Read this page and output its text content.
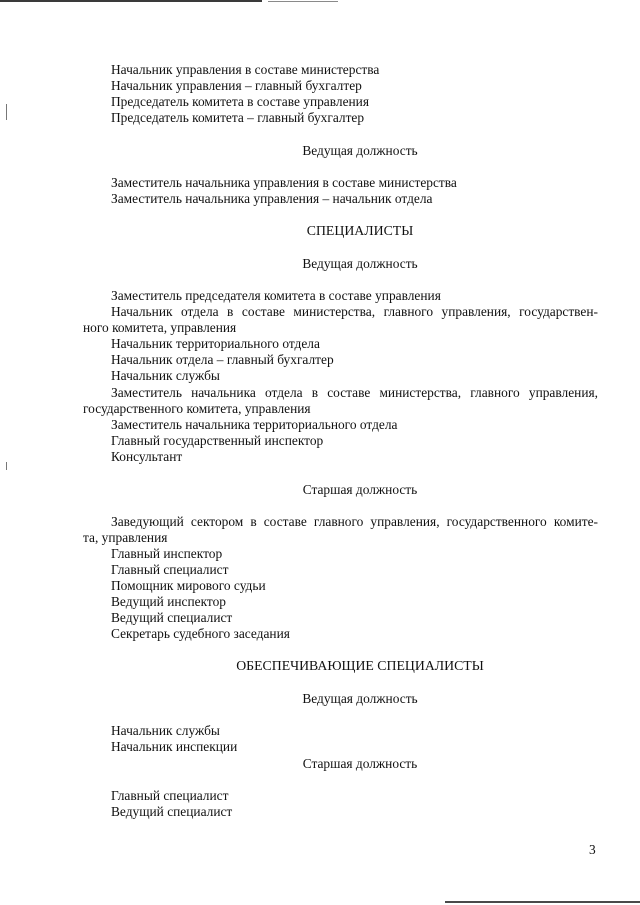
Начальник управления в составе министерства
Начальник управления – главный бухгалтер
Председатель комитета в составе управления
Председатель комитета – главный бухгалтер
Ведущая должность
Заместитель начальника управления в составе министерства
Заместитель начальника управления – начальник отдела
СПЕЦИАЛИСТЫ
Ведущая должность
Заместитель председателя комитета в составе управления
Начальник отдела в составе министерства, главного управления, государствен-
ного комитета, управления
Начальник территориального отдела
Начальник отдела – главный бухгалтер
Начальник службы
Заместитель начальника отдела в составе министерства, главного управления,
государственного комитета, управления
Заместитель начальника территориального отдела
Главный государственный инспектор
Консультант
Старшая должность
Заведующий сектором в составе главного управления, государственного комите-
та, управления
Главный инспектор
Главный специалист
Помощник мирового судьи
Ведущий инспектор
Ведущий специалист
Секретарь судебного заседания
ОБЕСПЕЧИВАЮЩИЕ СПЕЦИАЛИСТЫ
Ведущая должность
Начальник службы
Начальник инспекции
Старшая должность
Главный специалист
Ведущий специалист
3
